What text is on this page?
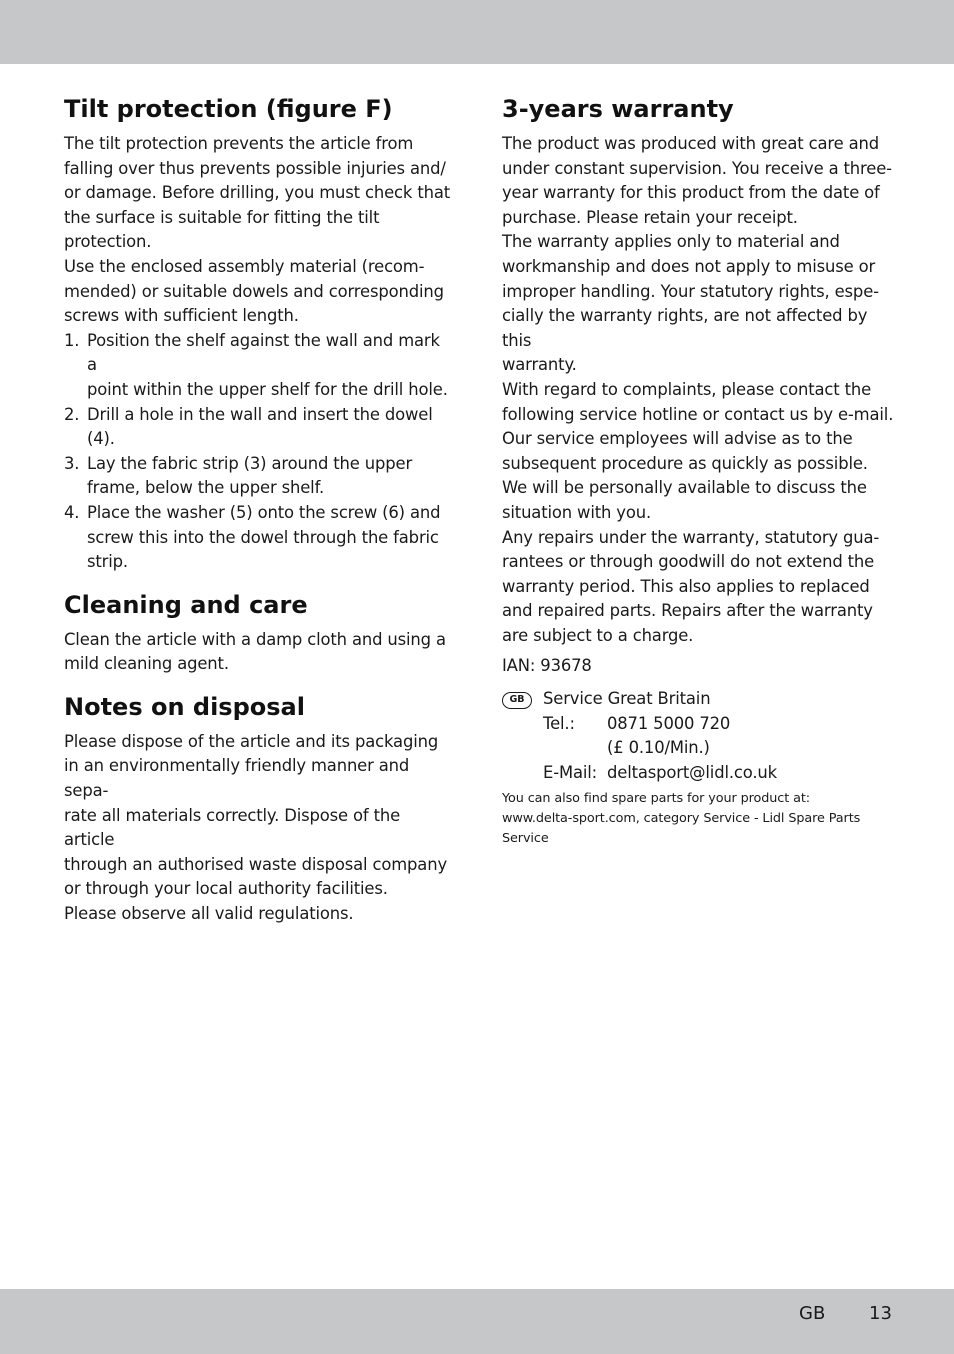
Tilt protection (figure F)

The tilt protection prevents the article from
falling over thus prevents possible injuries and/
or damage. Before drilling, you must check that
the surface is suitable for fitting the tilt protection.
Use the enclosed assembly material (recom-
mended) or suitable dowels and corresponding
screws with sufficient length.

1. Position the shelf against the wall and mark a
point within the upper shelf for the drill hole.
2. Drill a hole in the wall and insert the dowel
(4).
3. Lay the fabric strip (3) around the upper
frame, below the upper shelf.
4. Place the washer (5) onto the screw (6) and
screw this into the dowel through the fabric
strip.
Cleaning and care

Clean the article with a damp cloth and using a
mild cleaning agent.

Notes on disposal

Please dispose of the article and its packaging
in an environmentally friendly manner and sepa-
rate all materials correctly. Dispose of the article
through an authorised waste disposal company
or through your local authority facilities.
Please observe all valid regulations.

3-years warranty

The product was produced with great care and
under constant supervision. You receive a three-
year warranty for this product from the date of
purchase. Please retain your receipt.
The warranty applies only to material and
workmanship and does not apply to misuse or
improper handling. Your statutory rights, espe-
cially the warranty rights, are not affected by this
warranty.
With regard to complaints, please contact the
following service hotline or contact us by e-mail.
Our service employees will advise as to the
subsequent procedure as quickly as possible.
We will be personally available to discuss the
situation with you.
Any repairs under the warranty, statutory gua-
rantees or through goodwill do not extend the
warranty period. This also applies to replaced
and repaired parts. Repairs after the warranty
are subject to a charge.

IAN: 93678

GB	Service Great Britain

Tel.:	0871 5000 720

(£ 0.10/Min.)

E-Mail: deltasport@lidl.co.uk

You can also find spare parts for your product at:
www.delta-sport.com, category Service - Lidl Spare Parts
Service

GB 13
